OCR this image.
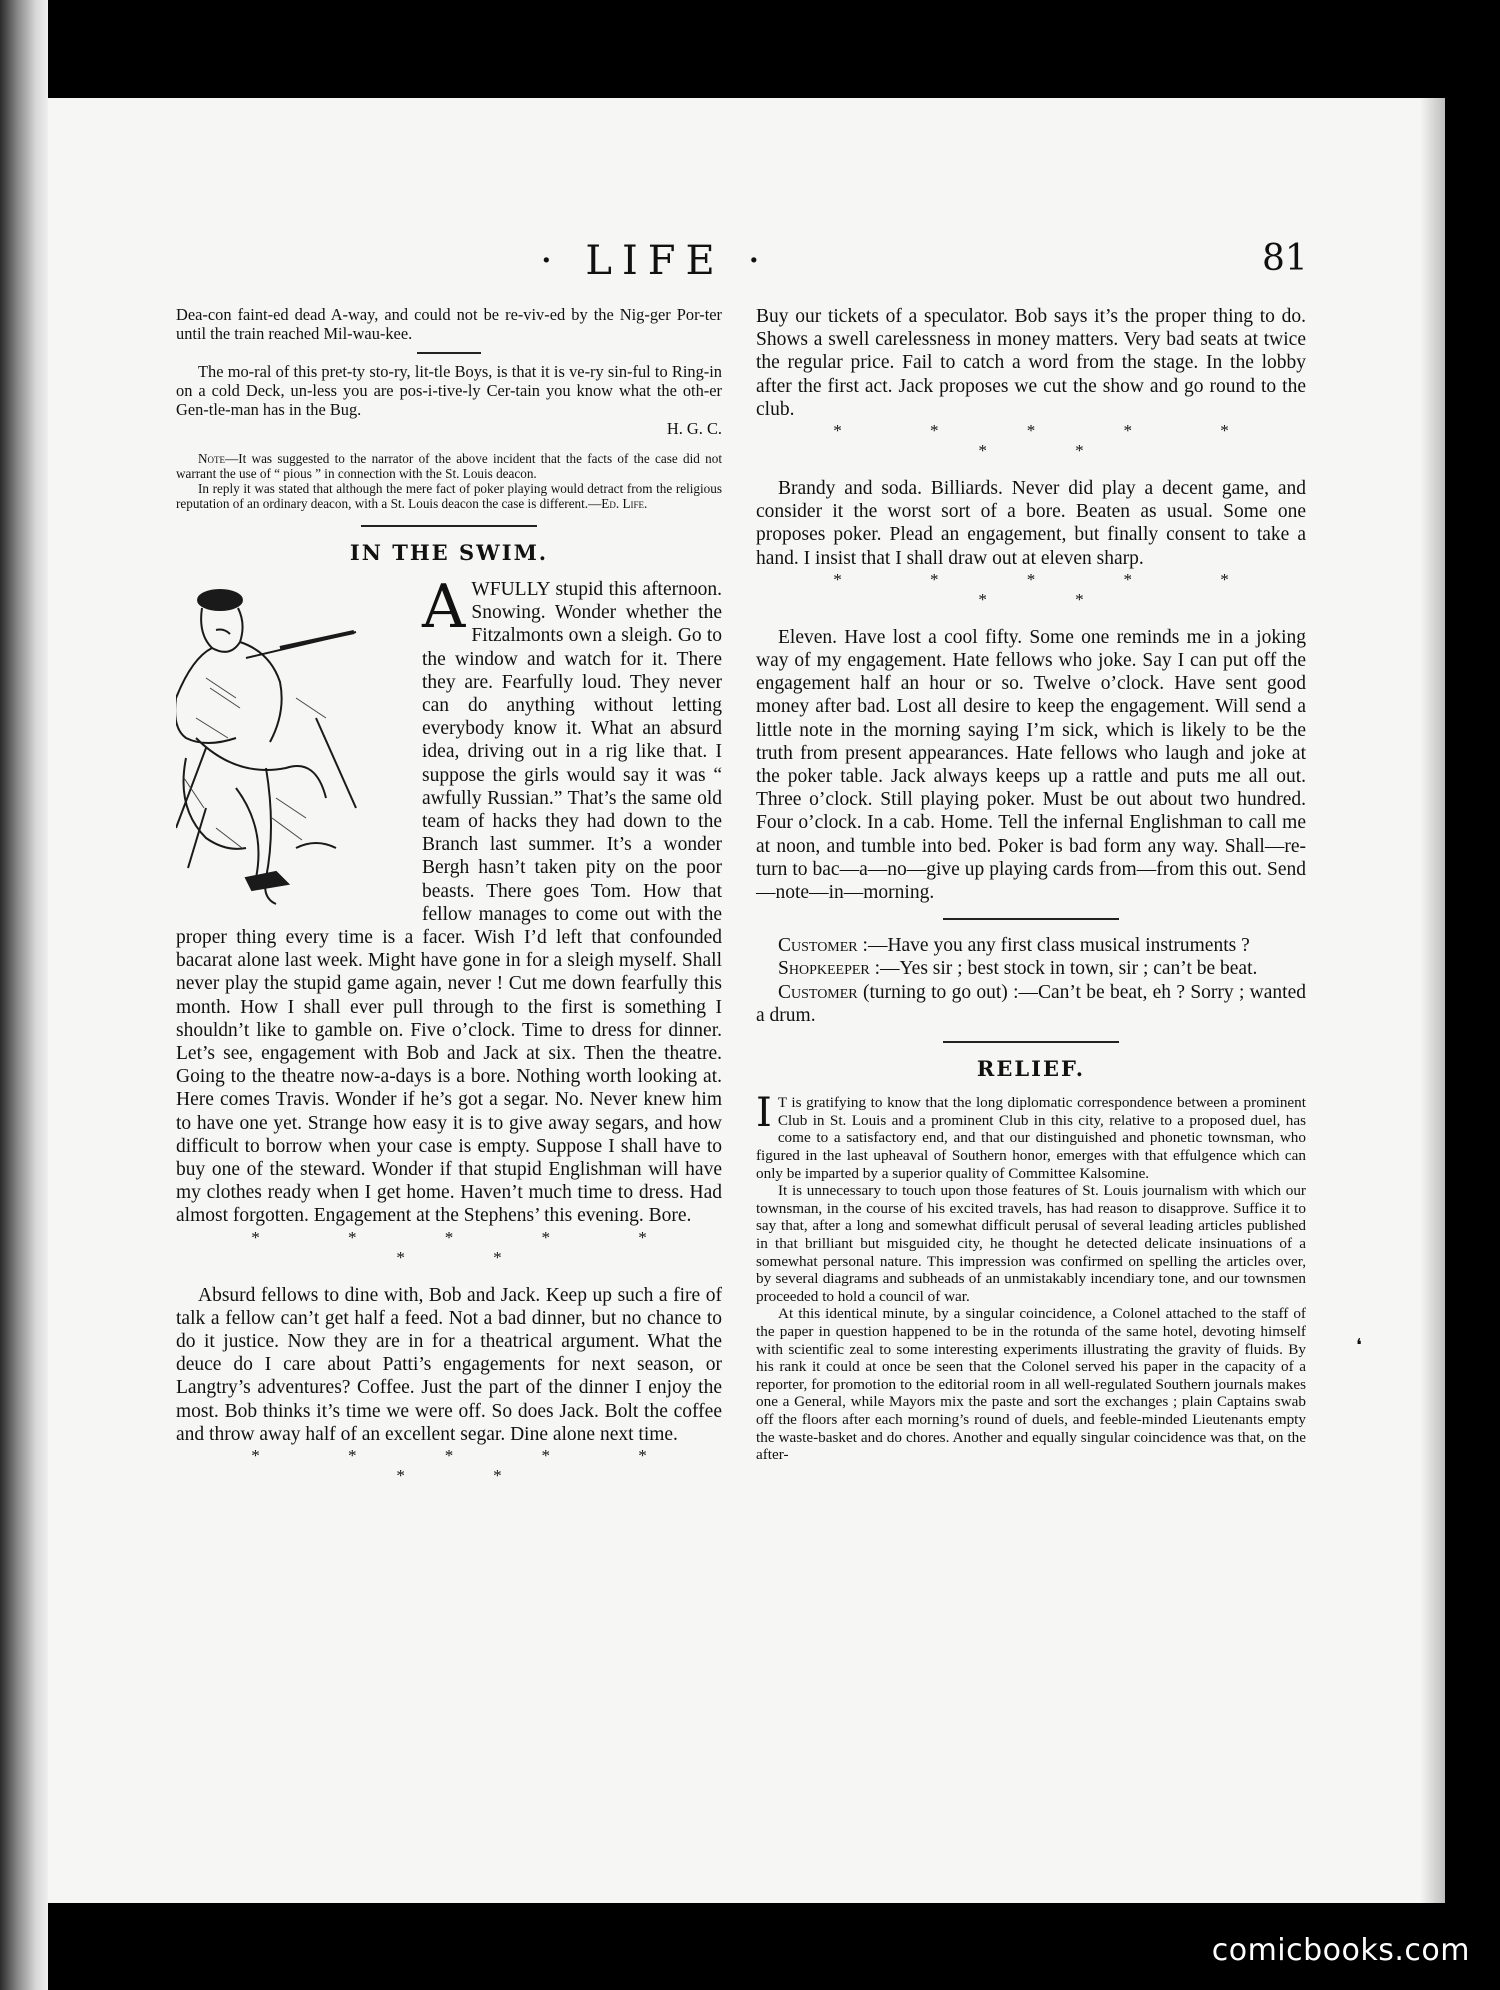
· LIFE ·	81

Dea-con faint-ed dead A-way, and could not be re-viv-ed by the Nig-ger Por-ter until the train reached Mil-wau-kee.

The mo-ral of this pret-ty sto-ry, lit-tle Boys, is that it is ve-ry sin-ful to Ring-in on a cold Deck, un-less you are pos-i-tive-ly Cer-tain you know what the oth-er Gen-tle-man has in the Bug.

H. G. C.

Note—It was suggested to the narrator of the above incident that the facts of the case did not warrant the use of “ pious ” in connection with the St. Louis deacon.

In reply it was stated that although the mere fact of poker playing would detract from the religious reputation of an ordinary deacon, with a St. Louis deacon the case is different.—Ed. Life.

IN THE SWIM.
A WFULLY stupid this afternoon. Snowing. Wonder whether the Fitzalmonts own a sleigh. Go to the window and watch for it. There they are. Fearfully loud. They never can do anything without letting everybody know it. What an absurd idea, driving out in a rig like that. I suppose the girls would say it was “ awfully Russian.” That’s the same old team of hacks they had down to the Branch last summer. It’s a wonder Bergh hasn’t taken pity on the poor beasts. There goes Tom. How that fellow manages to come out with the proper thing every time is a facer. Wish I’d left that confounded bacarat alone last week. Might have gone in for a sleigh myself. Shall never play the stupid game again, never ! Cut me down fearfully this month. How I shall ever pull through to the first is something I shouldn’t like to gamble on. Five o’clock. Time to dress for dinner. Let’s see, engagement with Bob and Jack at six. Then the theatre. Going to the theatre now-a-days is a bore. Nothing worth looking at. Here comes Travis. Wonder if he’s got a segar. No. Never knew him to have one yet. Strange how easy it is to give away segars, and how difficult to borrow when your case is empty. Suppose I shall have to buy one of the steward. Wonder if that stupid Englishman will have my clothes ready when I get home. Haven’t much time to dress. Had almost forgotten. Engagement at the Stephens’ this evening. Bore.

* * * * * * *

Absurd fellows to dine with, Bob and Jack. Keep up such a fire of talk a fellow can’t get half a feed. Not a bad dinner, but no chance to do it justice. Now they are in for a theatrical argument. What the deuce do I care about Patti’s engagements for next season, or Langtry’s adventures? Coffee. Just the part of the dinner I enjoy the most. Bob thinks it’s time we were off. So does Jack. Bolt the coffee and throw away half of an excellent segar. Dine alone next time.

* * * * * * *

Buy our tickets of a speculator. Bob says it’s the proper thing to do. Shows a swell carelessness in money matters. Very bad seats at twice the regular price. Fail to catch a word from the stage. In the lobby after the first act. Jack proposes we cut the show and go round to the club.

* * * * * * *

Brandy and soda. Billiards. Never did play a decent game, and consider it the worst sort of a bore. Beaten as usual. Some one proposes poker. Plead an engagement, but finally consent to take a hand. I insist that I shall draw out at eleven sharp.

* * * * * * *

Eleven. Have lost a cool fifty. Some one reminds me in a joking way of my engagement. Hate fellows who joke. Say I can put off the engagement half an hour or so. Twelve o’clock. Have sent good money after bad. Lost all desire to keep the engagement. Will send a little note in the morning saying I’m sick, which is likely to be the truth from present appearances. Hate fellows who laugh and joke at the poker table. Jack always keeps up a rattle and puts me all out. Three o’clock. Still playing poker. Must be out about two hundred. Four o’clock. In a cab. Home. Tell the infernal Englishman to call me at noon, and tumble into bed. Poker is bad form any way. Shall—re-turn to bac—a—no—give up playing cards from—from this out. Send—note—in—morning.

Customer :—Have you any first class musical instruments ?

Shopkeeper :—Yes sir ; best stock in town, sir ; can’t be beat.

Customer (turning to go out) :—Can’t be beat, eh ? Sorry ; wanted a drum.

RELIEF.
I T is gratifying to know that the long diplomatic correspondence between a prominent Club in St. Louis and a prominent Club in this city, relative to a proposed duel, has come to a satisfactory end, and that our distinguished and phonetic townsman, who figured in the last upheaval of Southern honor, emerges with that effulgence which can only be imparted by a superior quality of Committee Kalsomine.

It is unnecessary to touch upon those features of St. Louis journalism with which our townsman, in the course of his excited travels, has had reason to disapprove. Suffice it to say that, after a long and somewhat difficult perusal of several leading articles published in that brilliant but misguided city, he thought he detected delicate insinuations of a somewhat personal nature. This impression was confirmed on spelling the articles over, by several diagrams and subheads of an unmistakably incendiary tone, and our townsmen proceeded to hold a council of war.

At this identical minute, by a singular coincidence, a Colonel attached to the staff of the paper in question happened to be in the rotunda of the same hotel, devoting himself with scientific zeal to some interesting experiments illustrating the gravity of fluids. By his rank it could at once be seen that the Colonel served his paper in the capacity of a reporter, for promotion to the editorial room in all well-regulated Southern journals makes one a General, while Mayors mix the paste and sort the exchanges ; plain Captains swab off the floors after each morning’s round of duels, and feeble-minded Lieutenants empty the waste-basket and do chores. Another and equally singular coincidence was that, on the after-

❛
comicbooks.com
